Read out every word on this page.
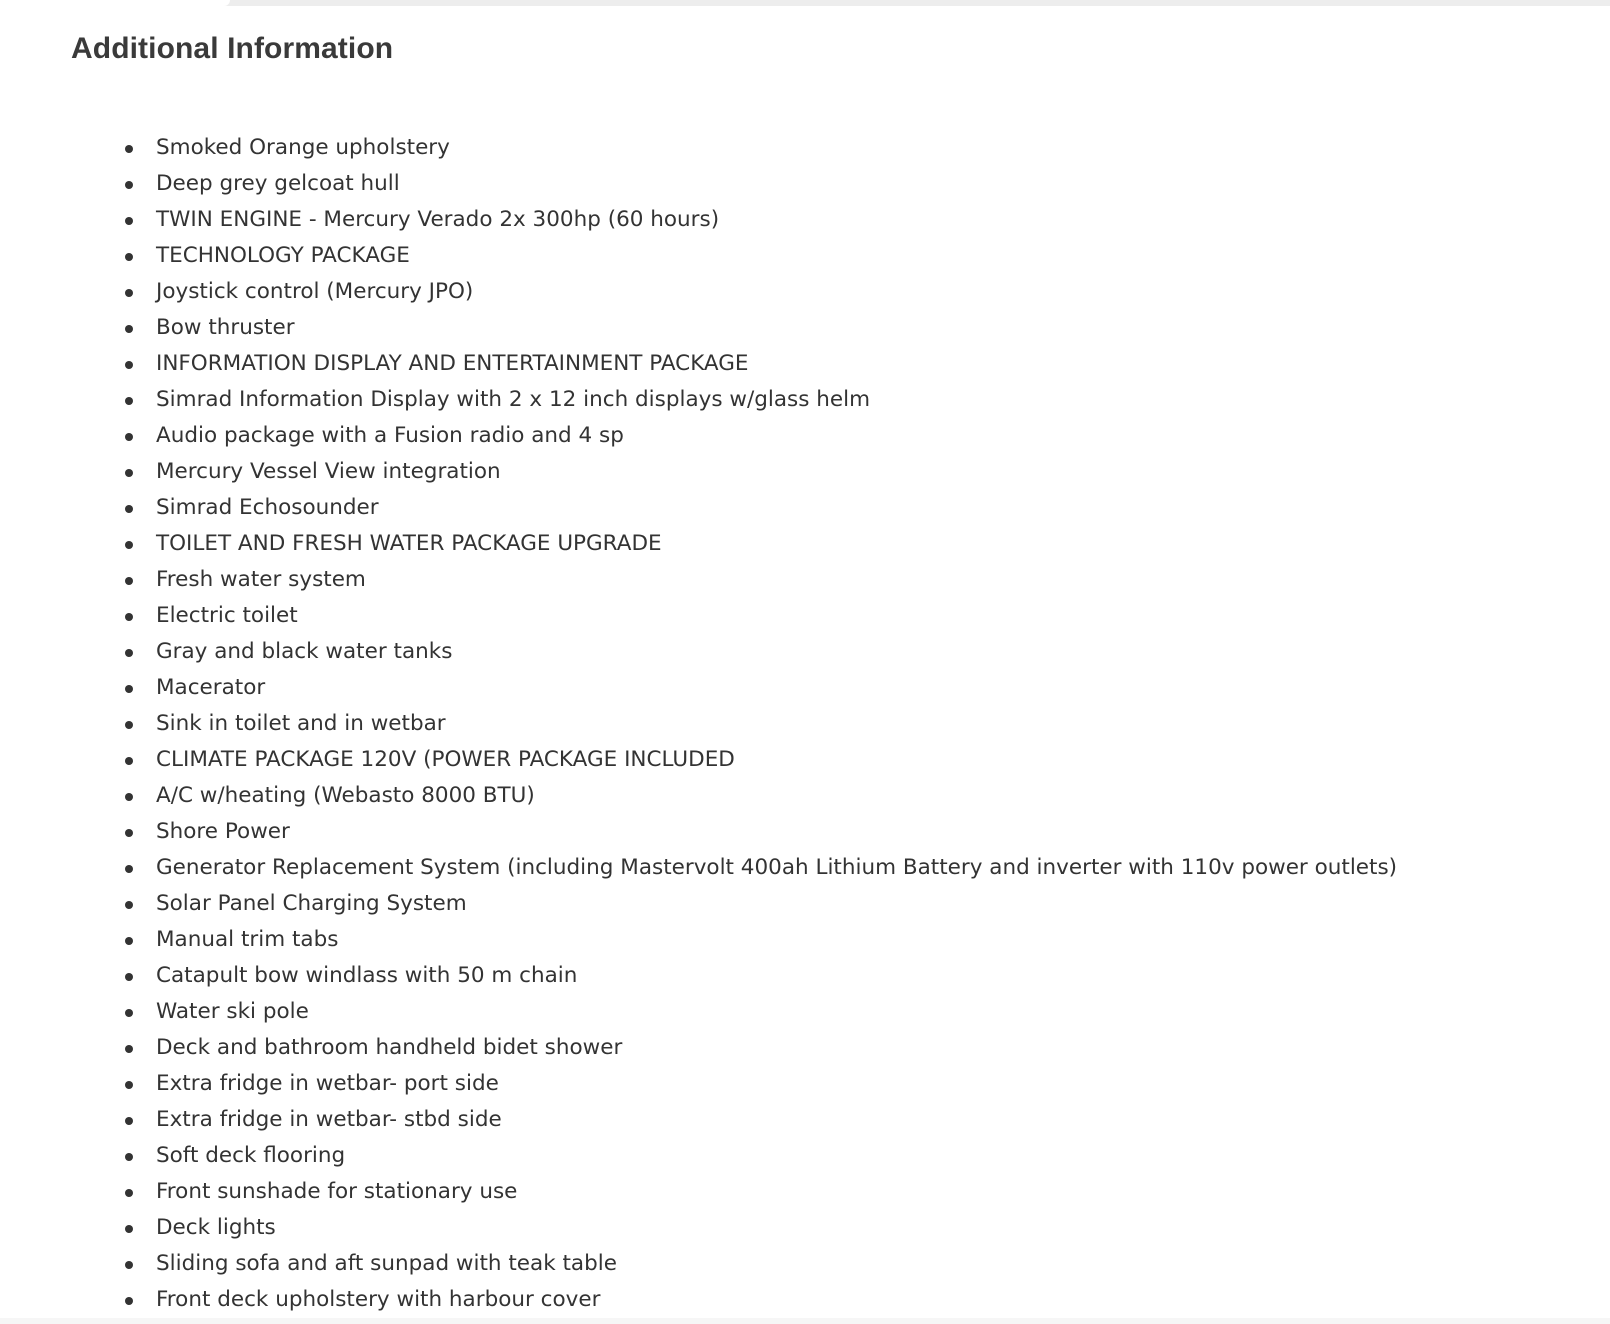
Additional Information
Smoked Orange upholstery
Deep grey gelcoat hull
TWIN ENGINE - Mercury Verado 2x 300hp (60 hours)
TECHNOLOGY PACKAGE
Joystick control (Mercury JPO)
Bow thruster
INFORMATION DISPLAY AND ENTERTAINMENT PACKAGE
Simrad Information Display with 2 x 12 inch displays w/glass helm
Audio package with a Fusion radio and 4 sp
Mercury Vessel View integration
Simrad Echosounder
TOILET AND FRESH WATER PACKAGE UPGRADE
Fresh water system
Electric toilet
Gray and black water tanks
Macerator
Sink in toilet and in wetbar
CLIMATE PACKAGE 120V (POWER PACKAGE INCLUDED
A/C w/heating (Webasto 8000 BTU)
Shore Power
Generator Replacement System (including Mastervolt 400ah Lithium Battery and inverter with 110v power outlets)
Solar Panel Charging System
Manual trim tabs
Catapult bow windlass with 50 m chain
Water ski pole
Deck and bathroom handheld bidet shower
Extra fridge in wetbar- port side
Extra fridge in wetbar- stbd side
Soft deck flooring
Front sunshade for stationary use
Deck lights
Sliding sofa and aft sunpad with teak table
Front deck upholstery with harbour cover
